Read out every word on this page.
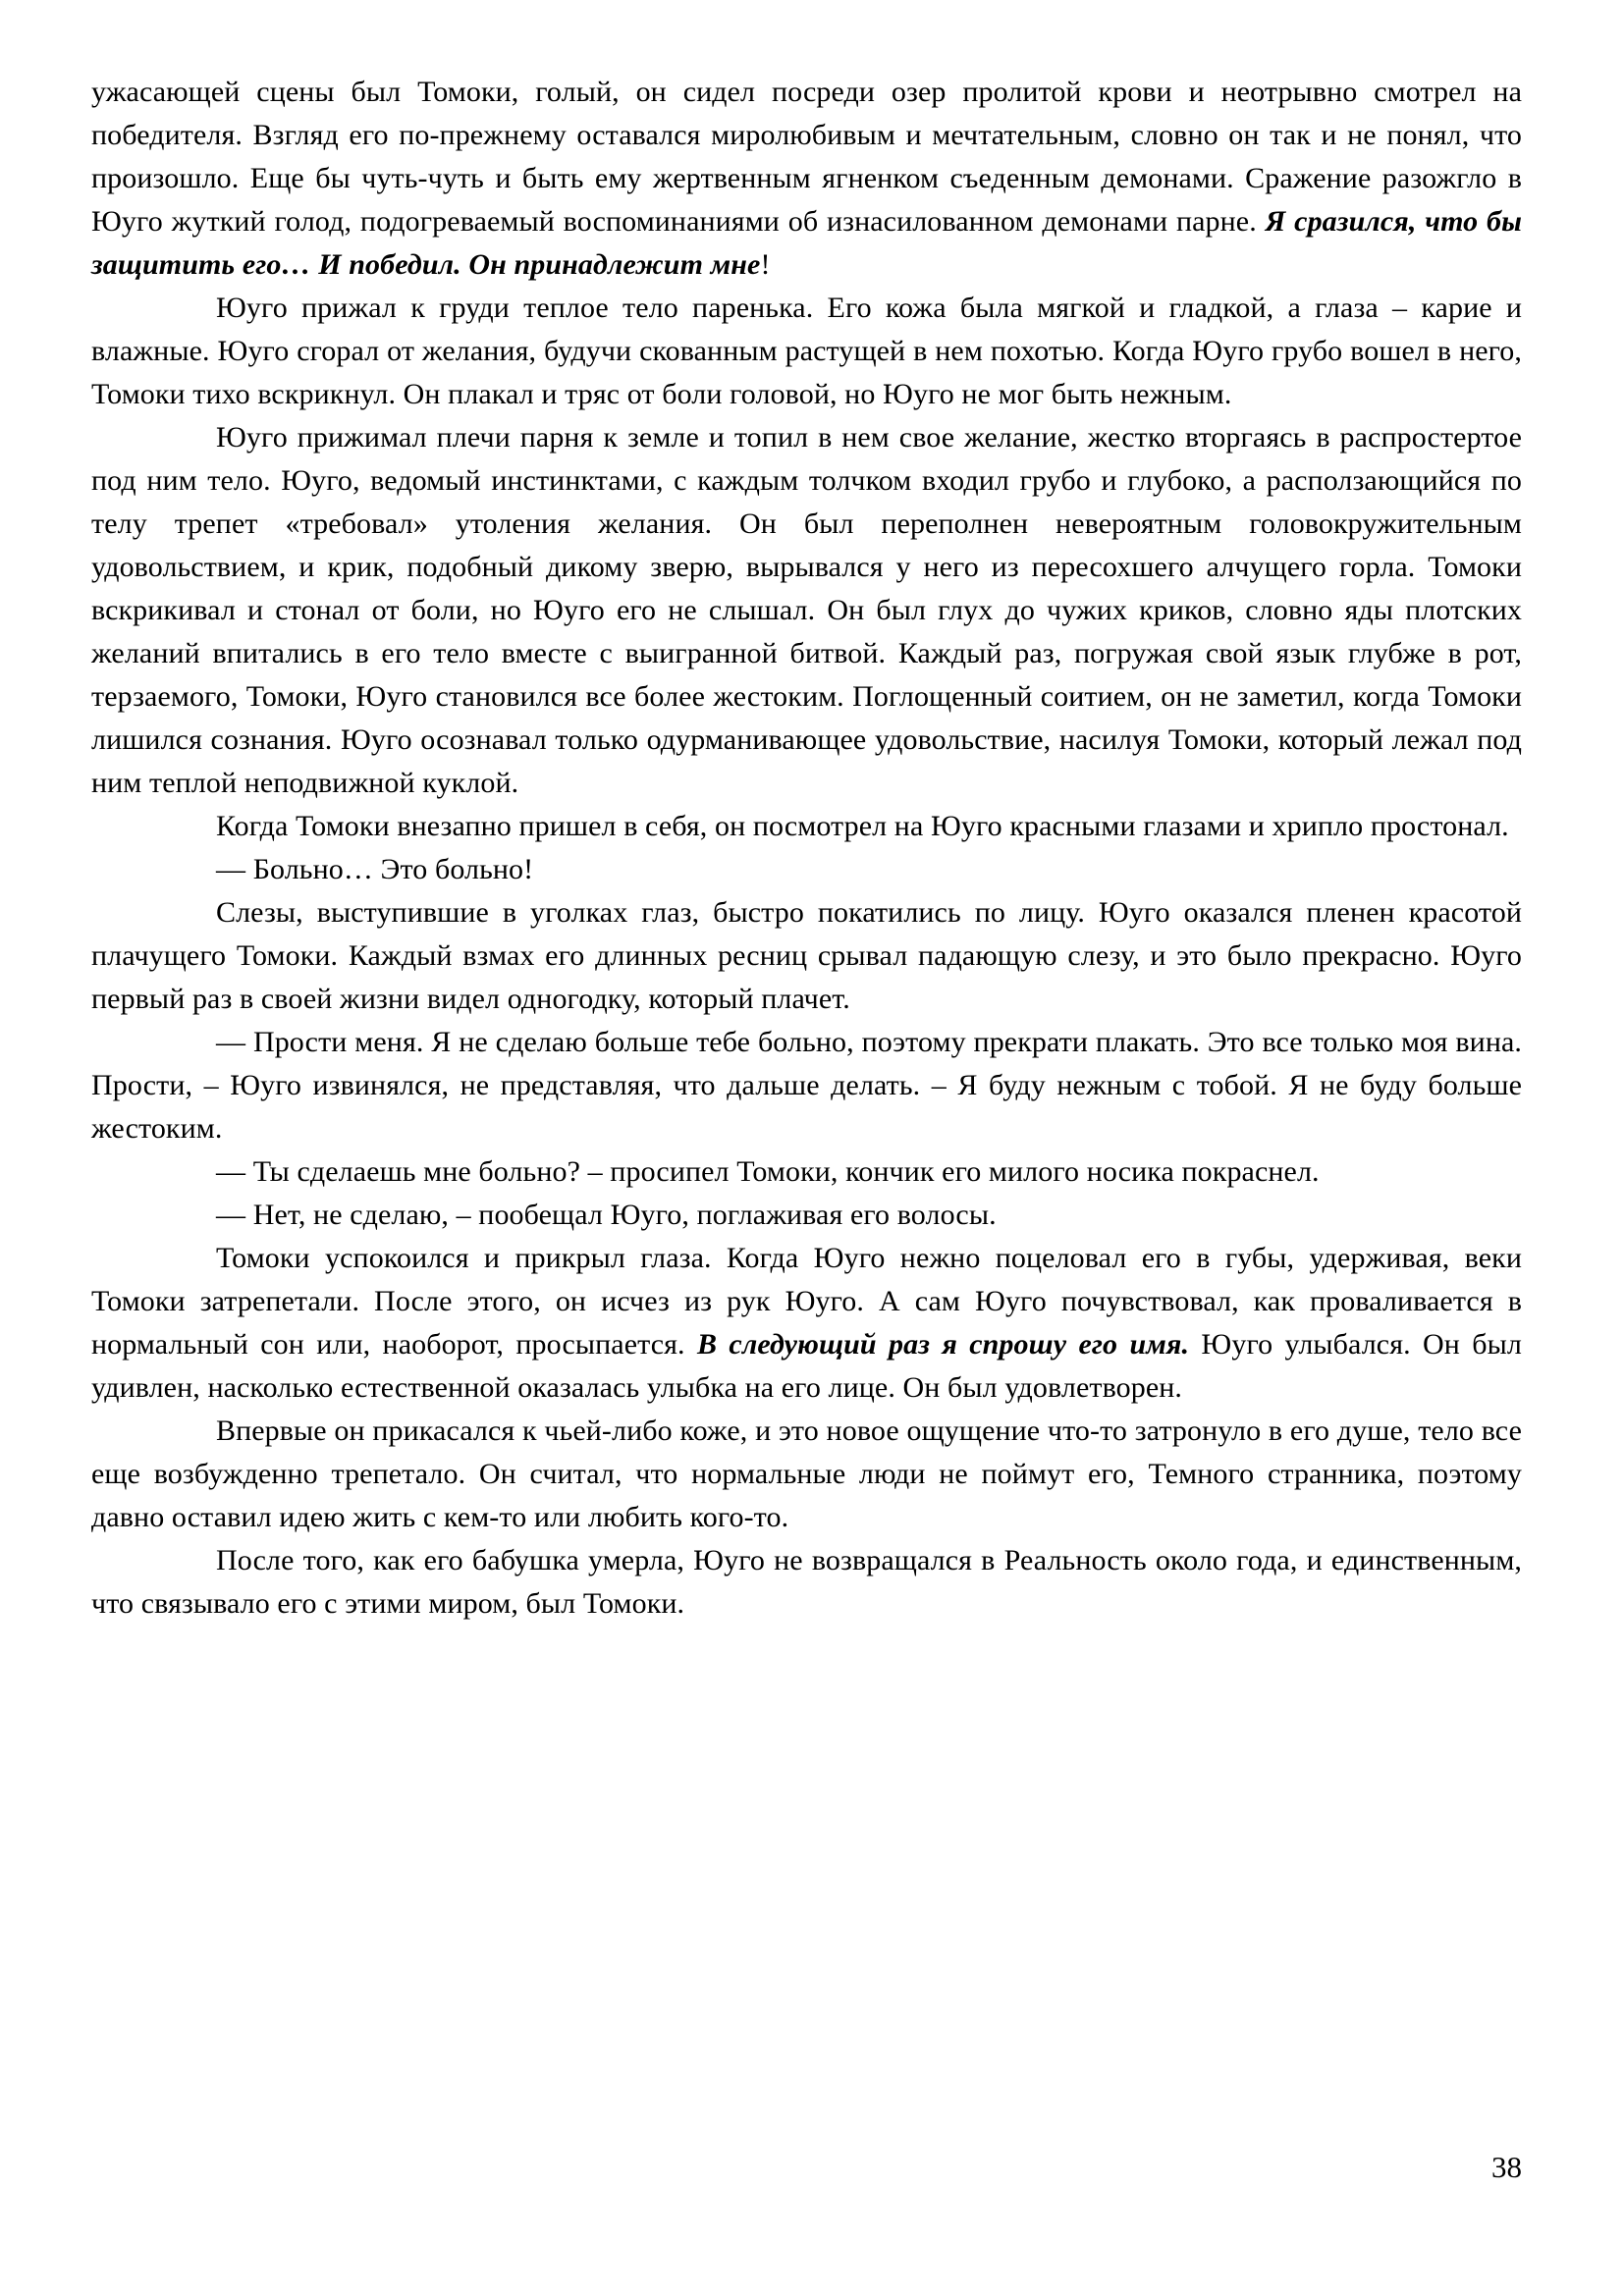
ужасающей сцены был Томоки, голый, он сидел посреди озер пролитой крови и неотрывно смотрел на победителя. Взгляд его по-прежнему оставался миролюбивым и мечтательным, словно он так и не понял, что произошло. Еще бы чуть-чуть и быть ему жертвенным ягненком съеденным демонами. Сражение разожгло в Юуго жуткий голод, подогреваемый воспоминаниями об изнасилованном демонами парне. Я сразился, что бы защитить его… И победил. Он принадлежит мне!

Юуго прижал к груди теплое тело паренька. Его кожа была мягкой и гладкой, а глаза – карие и влажные. Юуго сгорал от желания, будучи скованным растущей в нем похотью. Когда Юуго грубо вошел в него, Томоки тихо вскрикнул. Он плакал и тряс от боли головой, но Юуго не мог быть нежным.

Юуго прижимал плечи парня к земле и топил в нем свое желание, жестко вторгаясь в распростертое под ним тело. Юуго, ведомый инстинктами, с каждым толчком входил грубо и глубоко, а расползающийся по телу трепет «требовал» утоления желания. Он был переполнен невероятным головокружительным удовольствием, и крик, подобный дикому зверю, вырывался у него из пересохшего алчущего горла. Томоки вскрикивал и стонал от боли, но Юуго его не слышал. Он был глух до чужих криков, словно яды плотских желаний впитались в его тело вместе с выигранной битвой. Каждый раз, погружая свой язык глубже в рот, терзаемого, Томоки, Юуго становился все более жестоким. Поглощенный соитием, он не заметил, когда Томоки лишился сознания. Юуго осознавал только одурманивающее удовольствие, насилуя Томоки, который лежал под ним теплой неподвижной куклой.

Когда Томоки внезапно пришел в себя, он посмотрел на Юуго красными глазами и хрипло простонал.

— Больно… Это больно!

Слезы, выступившие в уголках глаз, быстро покатились по лицу. Юуго оказался пленен красотой плачущего Томоки. Каждый взмах его длинных ресниц срывал падающую слезу, и это было прекрасно. Юуго первый раз в своей жизни видел одногодку, который плачет.

— Прости меня. Я не сделаю больше тебе больно, поэтому прекрати плакать. Это все только моя вина. Прости, – Юуго извинялся, не представляя, что дальше делать. – Я буду нежным с тобой. Я не буду больше жестоким.

— Ты сделаешь мне больно? – просипел Томоки, кончик его милого носика покраснел.

— Нет, не сделаю, – пообещал Юуго, поглаживая его волосы.

Томоки успокоился и прикрыл глаза. Когда Юуго нежно поцеловал его в губы, удерживая, веки Томоки затрепетали. После этого, он исчез из рук Юуго. А сам Юуго почувствовал, как проваливается в нормальный сон или, наоборот, просыпается. В следующий раз я спрошу его имя. Юуго улыбался. Он был удивлен, насколько естественной оказалась улыбка на его лице. Он был удовлетворен.

Впервые он прикасался к чьей-либо коже, и это новое ощущение что-то затронуло в его душе, тело все еще возбужденно трепетало. Он считал, что нормальные люди не поймут его, Темного странника, поэтому давно оставил идею жить с кем-то или любить кого-то.

После того, как его бабушка умерла, Юуго не возвращался в Реальность около года, и единственным, что связывало его с этими миром, был Томоки.

38
